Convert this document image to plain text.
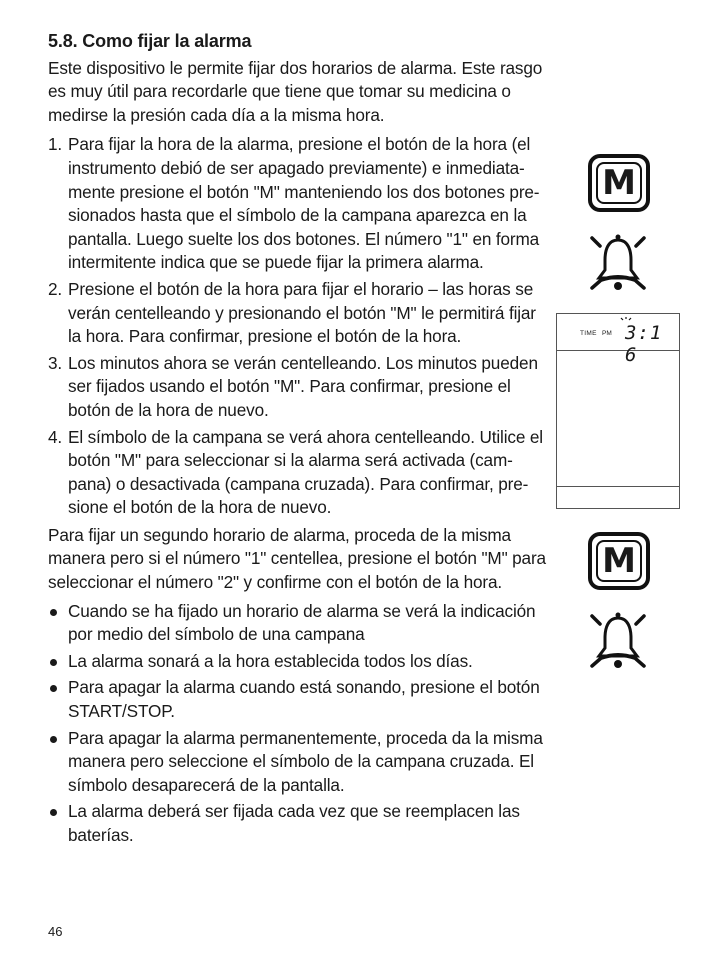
5.8. Como fijar la alarma
Este dispositivo le permite fijar dos horarios de alarma. Este rasgo es muy útil para recordarle que tiene que tomar su medicina o medirse la presión cada día a la misma hora.
1. Para fijar la hora de la alarma, presione el botón de la hora (el instrumento debió de ser apagado previamente) e inmediata-mente presione el botón "M" manteniendo los dos botones pre-sionados hasta que el símbolo de la campana aparezca en la pantalla. Luego suelte los dos botones. El número "1" en forma intermitente indica que se puede fijar la primera alarma.
2. Presione el botón de la hora para fijar el horario – las horas se verán centelleando y presionando el botón "M" le permitirá fijar la hora. Para confirmar, presione el botón de la hora.
3. Los minutos ahora se verán centelleando. Los minutos pueden ser fijados usando el botón "M". Para confirmar, presione el botón de la hora de nuevo.
4. El símbolo de la campana se verá ahora centelleando. Utilice el botón "M" para seleccionar si la alarma será activada (cam-pana) o desactivada (campana cruzada). Para confirmar, pre-sione el botón de la hora de nuevo.
Para fijar un segundo horario de alarma, proceda de la misma manera pero si el número "1" centellea, presione el botón "M" para seleccionar el número "2" y confirme con el botón de la hora.
Cuando se ha fijado un horario de alarma se verá la indicación por medio del símbolo de una campana
La alarma sonará a la hora establecida todos los días.
Para apagar la alarma cuando está sonando, presione el botón START/STOP.
Para apagar la alarma permanentemente, proceda da la misma manera pero seleccione el símbolo de la campana cruzada. El símbolo desaparecerá de la pantalla.
La alarma deberá ser fijada cada vez que se reemplacen las baterías.
M
TIME PM 3:1 6
M
46
